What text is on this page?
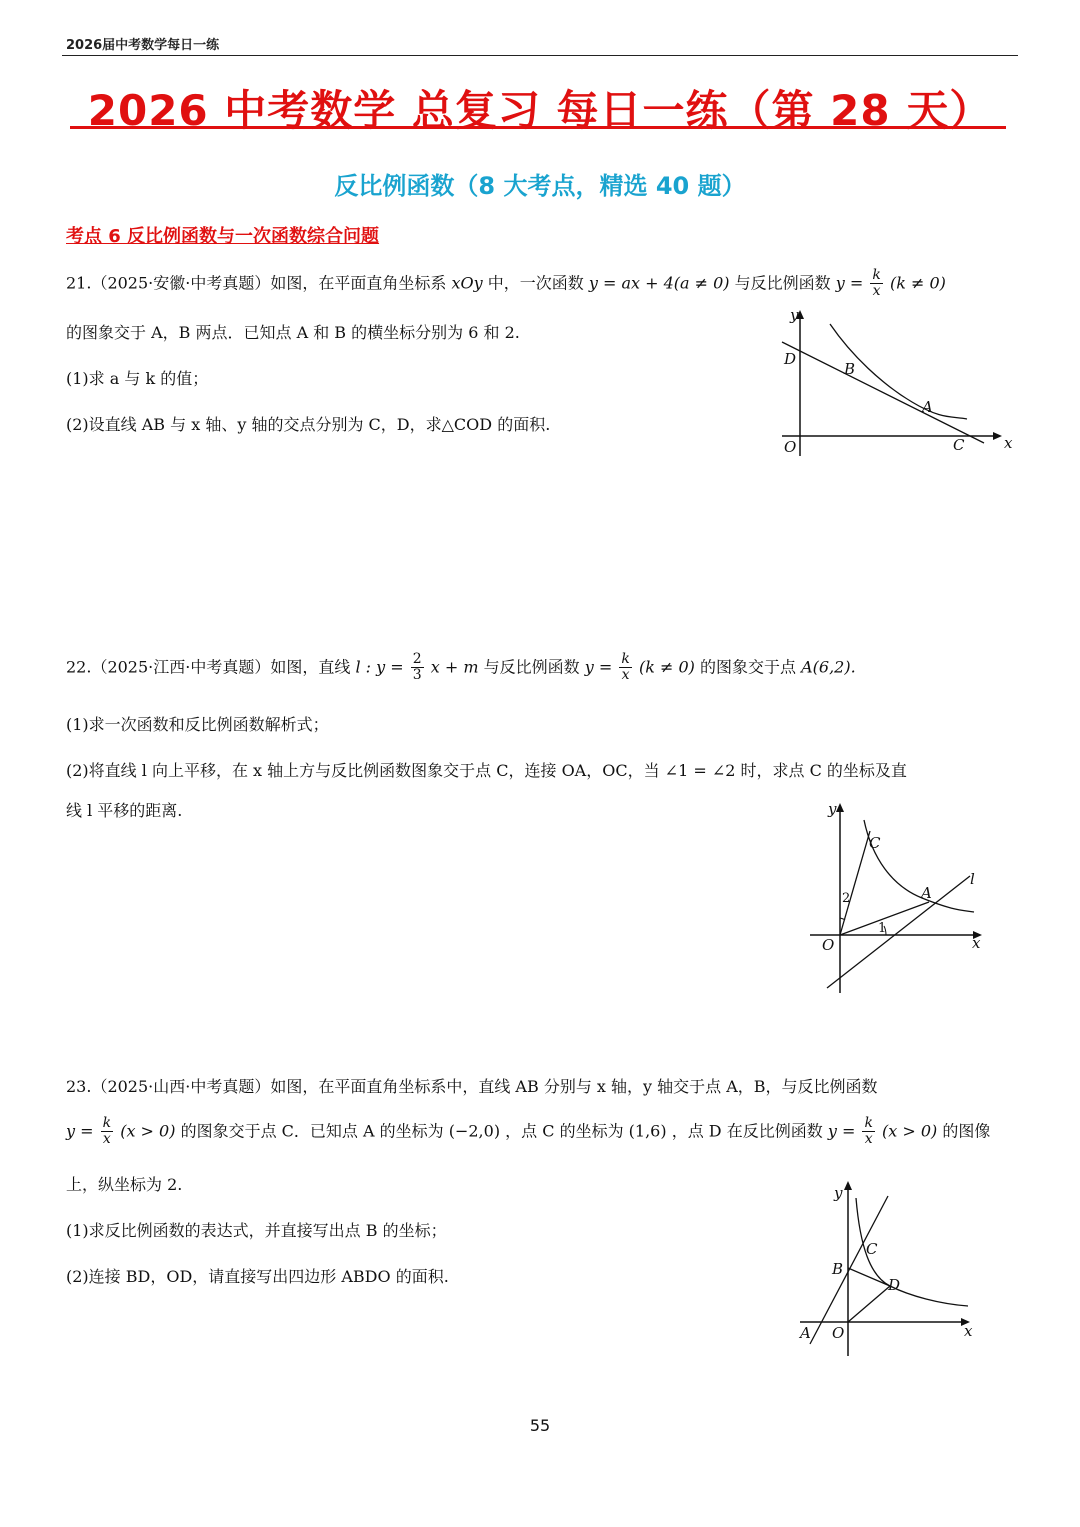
2026届中考数学每日一练
2026 中考数学 总复习 每日一练（第 28 天）
反比例函数（8 大考点，精选 40 题）
考点 6 反比例函数与一次函数综合问题
21.（2025·安徽·中考真题）如图，在平面直角坐标系 xOy 中，一次函数 y = ax + 4(a ≠ 0) 与反比例函数 $y = \frac{k}{x} (k \ne 0)$
的图象交于 A，B 两点．已知点 A 和 B 的横坐标分别为 6 和 2.
(1)求 a 与 k 的值；
(2)设直线 AB 与 x 轴、y 轴的交点分别为 C，D，求△COD 的面积.
y
x
O
D
B
A
C
22.（2025·江西·中考真题）如图，直线 l : $y = \frac{2}{3}$ x + m 与反比例函数 $y = \frac{k}{x} (k \ne 0)$ 的图象交于点 A(6,2).
(1)求一次函数和反比例函数解析式；
(2)将直线 l 向上平移，在 x 轴上方与反比例函数图象交于点 C，连接 OA，OC，当 ∠1 = ∠2 时，求点 C 的坐标及直
线 l 平移的距离.	y
x
O
C
A
l
1
2
23.（2025·山西·中考真题）如图，在平面直角坐标系中，直线 AB 分别与 x 轴，y 轴交于点 A，B，与反比例函数
$y = \frac{k}{x} (x > 0)$ 的图象交于点 C．已知点 A 的坐标为 (−2,0) ，点 C 的坐标为 (1,6) ，点 D 在反比例函数 $y = \frac{k}{x} (x > 0)$ 的图像
上，纵坐标为 2.
(1)求反比例函数的表达式，并直接写出点 B 的坐标；
(2)连接 BD，OD，请直接写出四边形 ABDO 的面积.
y
x
O
A
B
C
D
55
